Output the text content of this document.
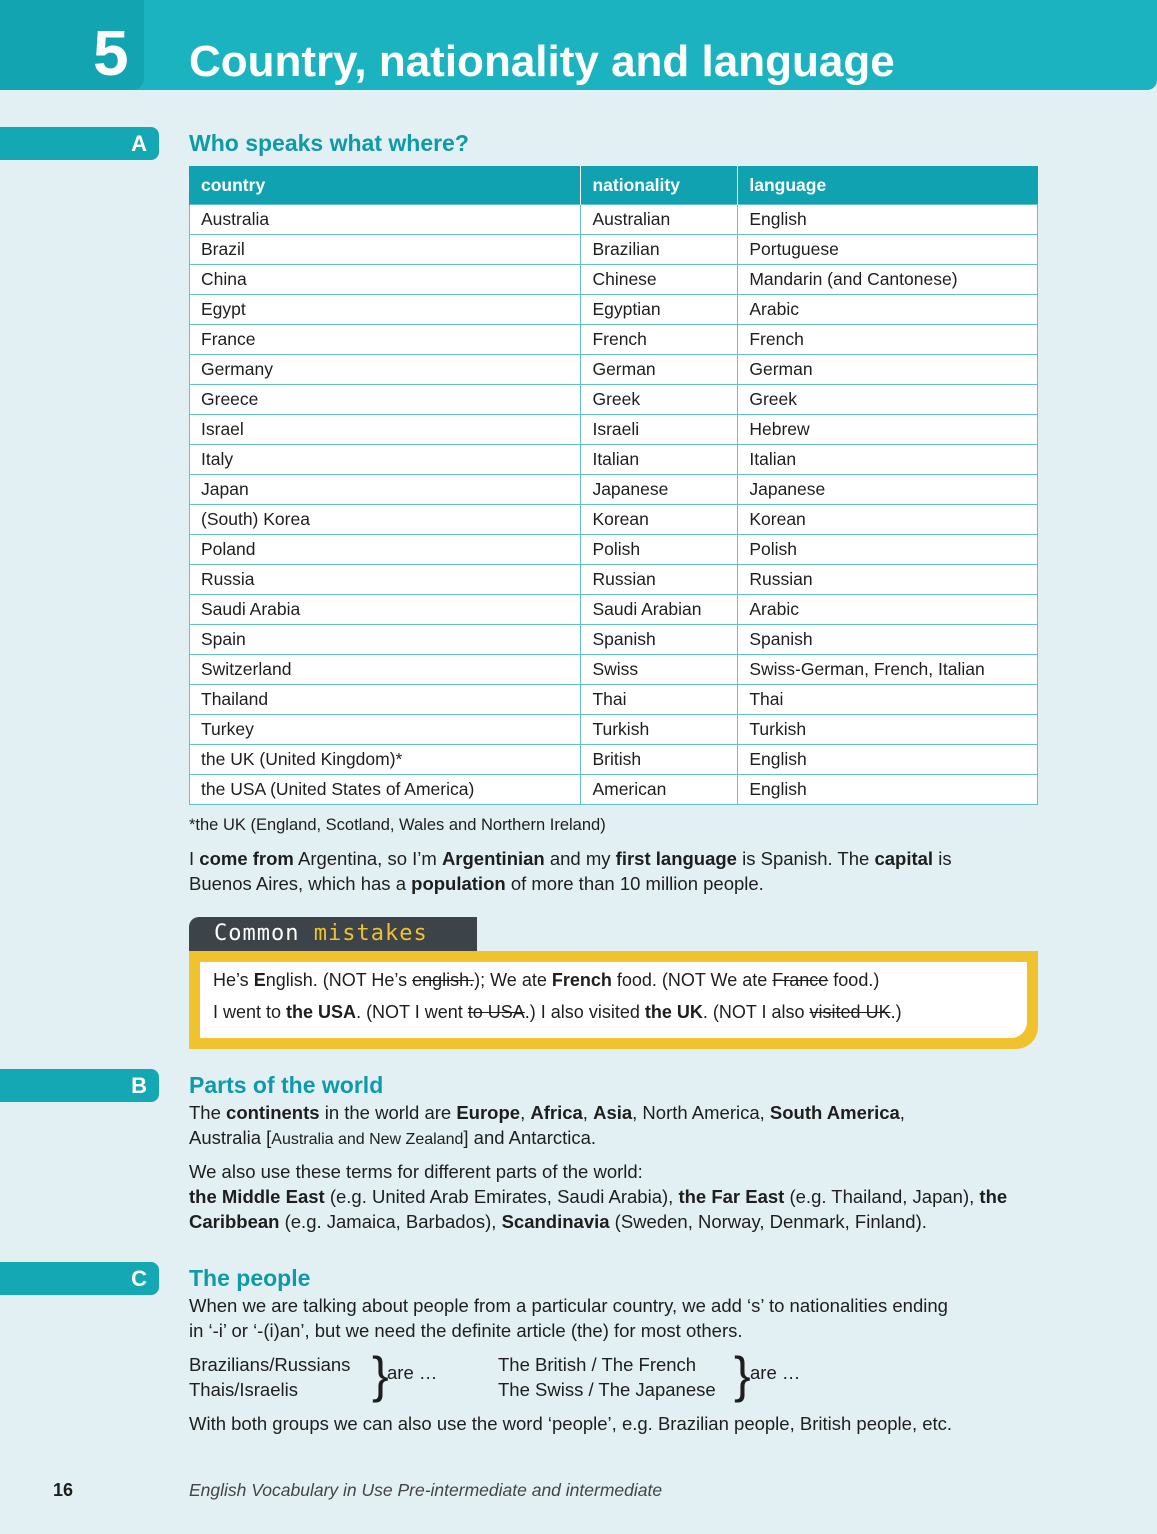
5	Country, nationality and language
A Who speaks what where?
country	nationality	language
Australia	Australian	English
Brazil	Brazilian	Portuguese
China	Chinese	Mandarin (and Cantonese)
Egypt	Egyptian	Arabic
France	French	French
Germany	German	German
Greece	Greek	Greek
Israel	Israeli	Hebrew
Italy	Italian	Italian
Japan	Japanese	Japanese
(South) Korea	Korean	Korean
Poland	Polish	Polish
Russia	Russian	Russian
Saudi Arabia	Saudi Arabian	Arabic
Spain	Spanish	Spanish
Switzerland	Swiss	Swiss-German, French, Italian
Thailand	Thai	Thai
Turkey	Turkish	Turkish
the UK (United Kingdom)*	British	English
the USA (United States of America)	American	English
*the UK (England, Scotland, Wales and Northern Ireland)
I come from Argentina, so I’m Argentinian and my first language is Spanish. The capital is
Buenos Aires, which has a population of more than 10 million people.
Common mistakes
He’s English. (NOT He’s english.); We ate French food. (NOT We ate France food.)
I went to the USA. (NOT I went to USA.) I also visited the UK. (NOT I also visited UK.)
B Parts of the world
The continents in the world are Europe, Africa, Asia, North America, South America,
Australia [Australia and New Zealand] and Antarctica.
We also use these terms for different parts of the world:
the Middle East (e.g. United Arab Emirates, Saudi Arabia), the Far East (e.g. Thailand, Japan), the
Caribbean (e.g. Jamaica, Barbados), Scandinavia (Sweden, Norway, Denmark, Finland).
C The people
When we are talking about people from a particular country, we add ‘s’ to nationalities ending
in ‘-i’ or ‘-(i)an’, but we need the definite article (the) for most others.
Brazilians/Russians
Thais/Israelis	}
are …	The British / The French
The Swiss / The Japanese } are …
With both groups we can also use the word ‘people’, e.g. Brazilian people, British people, etc.
16	English Vocabulary in Use Pre-intermediate and intermediate
